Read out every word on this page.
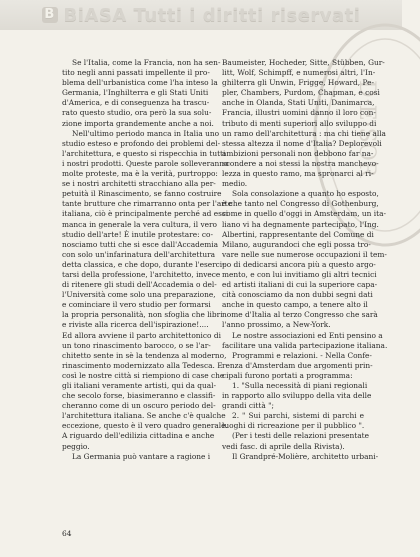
B BiASA Tutti i diritti riservati
D·E·SOR
Se l'Italia, come la Francia, non ha sen-
tito negli anni passati impellente il pro-
blema dell'urbanistica come l'ha inteso la
Germania, l'Inghilterra e gli Stati Uniti
d'America, e di conseguenza ha trascu-
rato questo studio, ora però la sua solu-
zione importa grandemente anche a noi.
Nell'ultimo periodo manca in Italia uno
studio esteso e profondo dei problemi del-
l'architettura, e questo si rispecchia in tutti
i nostri prodotti. Queste parole solleveranno
molte proteste, ma è la verità, purtroppo:
se i nostri architetti stracchiano alla per-
petuità il Rinascimento, se fanno costruire
tante brutture che rimarranno onta per l'arte
italiana, ciò è principalmente perché ad essi
manca in generale la vera cultura, il vero
studio dell'arte! È inutile protestare: co-
nosciamo tutti che si esce dall'Accademia
con solo un'infarinatura dell'architettura
detta classica, e che dopo, durante l'eserci-
tarsi della professione, l'architetto, invece
di ritenere gli studi dell'Accademia o del-
l'Università come solo una preparazione,
e cominciare il vero studio per formarsi
la propria personalità, non sfoglia che libri
e riviste alla ricerca dell'ispirazione!....
Ed allora avviene il parto architettonico di
un tono rinascimento barocco, o se l'ar-
chitetto sente in sè la tendenza al moderno,
rinascimento modernizzato alla Tedesca. E
così le nostre città si riempiono di case che
gli italiani veramente artisti, qui da qual-
che secolo forse, biasimeranno e classifi-
cheranno come di un oscuro periodo del-
l'architettura italiana. Se anche c'è qualche
eccezione, questo è il vero quadro generale.
A riguardo dell'edilizia cittadina e anche
peggio.
La Germania può vantare a ragione i
Baumeister, Hocheder, Sitte, Stübben, Gur-
litt, Wolf, Schimpff, e numerosi altri, l'In-
ghilterra gli Unwin, Frigge, Howard, Pe-
pler, Chambers, Purdom, Chapman, e così
anche in Olanda, Stati Uniti, Danimarca,
Francia, illustri uomini danno il loro con-
tributo di menti superiori allo sviluppo di
un ramo dell'architettura : ma chi tiene alla
stessa altezza il nome d'Italia? Deplorevoli
ambizioni personali non debbono far na-
scondere a noi stessi la nostra manchevo-
lezza in questo ramo, ma spronarci al ri-
medio.
Sola consolazione a quanto ho esposto,
è che tanto nel Congresso di Gothenburg,
come in quello d'oggi in Amsterdam, un ita-
liano vi ha degnamente partecipato, l'Ing.
Albertini, rappresentante del Comune di
Milano, augurandoci che egli possa tro-
vare nelle sue numerose occupazioni il tem-
po di dedicarsi ancora più a questo argo-
mento, e con lui invitiamo gli altri tecnici
ed artisti italiani di cui la superiore capa-
cità conosciamo da non dubbi segni dati
anche in questo campo, a tenere alto il
nome d'Italia al terzo Congresso che sarà
l'anno prossimo, a New-York.
Le nostre associazioni ed Enti pensino a
facilitare una valida partecipazione italiana.
Programmi e relazioni. - Nella Confe-
renza d'Amsterdam due argomenti prin-
cipali furono portati a programma:
1. "Sulla necessità di piani regionali
in rapporto allo sviluppo della vita delle
grandi città ";
2. " Sui parchi, sistemi di parchi e
luoghi di ricreazione per il pubblico ".
(Per i testi delle relazioni presentate
vedi fasc. di aprile della Rivista).
Il Grandpré-Molière, architetto urbani-
64
